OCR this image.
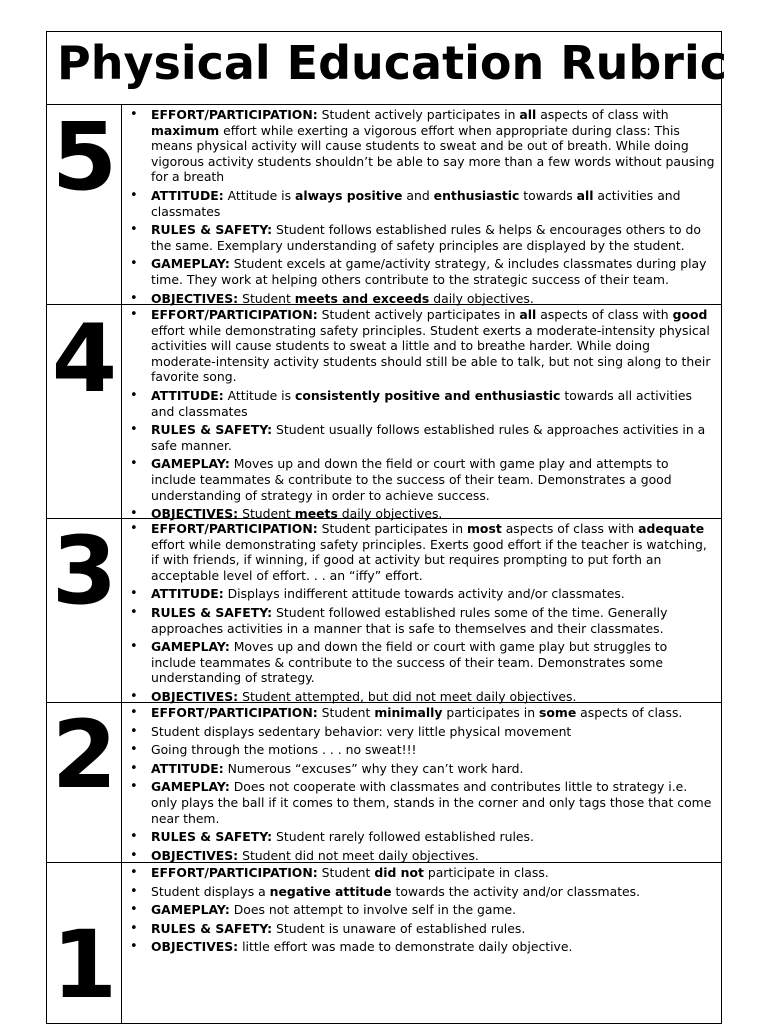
Physical Education Rubric
5	• EFFORT/PARTICIPATION: Student actively participates in all aspects of class with maximum effort while exerting a vigorous effort when appropriate during class: This means physical activity will cause students to sweat and be out of breath. While doing vigorous activity students shouldn’t be able to say more than a few words without pausing for a breath
• ATTITUDE: Attitude is always positive and enthusiastic towards all activities and classmates
• RULES & SAFETY: Student follows established rules & helps & encourages others to do the same. Exemplary understanding of safety principles are displayed by the student.
• GAMEPLAY: Student excels at game/activity strategy, & includes classmates during play time. They work at helping others contribute to the strategic success of their team.
• OBJECTIVES: Student meets and exceeds daily objectives.
4	• EFFORT/PARTICIPATION: Student actively participates in all aspects of class with good effort while demonstrating safety principles. Student exerts a moderate-intensity physical activities will cause students to sweat a little and to breathe harder. While doing moderate-intensity activity students should still be able to talk, but not sing along to their favorite song.
• ATTITUDE: Attitude is consistently positive and enthusiastic towards all activities and classmates
• RULES & SAFETY: Student usually follows established rules & approaches activities in a safe manner.
• GAMEPLAY: Moves up and down the field or court with game play and attempts to include teammates & contribute to the success of their team. Demonstrates a good understanding of strategy in order to achieve success.
• OBJECTIVES: Student meets daily objectives.
3	• EFFORT/PARTICIPATION: Student participates in most aspects of class with adequate effort while demonstrating safety principles. Exerts good effort if the teacher is watching, if with friends, if winning, if good at activity but requires prompting to put forth an acceptable level of effort. . . an “iffy” effort.
• ATTITUDE: Displays indifferent attitude towards activity and/or classmates.
• RULES & SAFETY: Student followed established rules some of the time. Generally approaches activities in a manner that is safe to themselves and their classmates.
• GAMEPLAY: Moves up and down the field or court with game play but struggles to include teammates & contribute to the success of their team. Demonstrates some understanding of strategy.
• OBJECTIVES: Student attempted, but did not meet daily objectives.
2	• EFFORT/PARTICIPATION: Student minimally participates in some aspects of class.
• Student displays sedentary behavior: very little physical movement
• Going through the motions . . . no sweat!!!
• ATTITUDE: Numerous “excuses” why they can’t work hard.
• GAMEPLAY: Does not cooperate with classmates and contributes little to strategy i.e. only plays the ball if it comes to them, stands in the corner and only tags those that come near them.
• RULES & SAFETY: Student rarely followed established rules.
• OBJECTIVES: Student did not meet daily objectives.
1
• EFFORT/PARTICIPATION: Student did not participate in class.
• Student displays a negative attitude towards the activity and/or classmates.
• GAMEPLAY: Does not attempt to involve self in the game.
• RULES & SAFETY: Student is unaware of established rules.
• OBJECTIVES: little effort was made to demonstrate daily objective.
